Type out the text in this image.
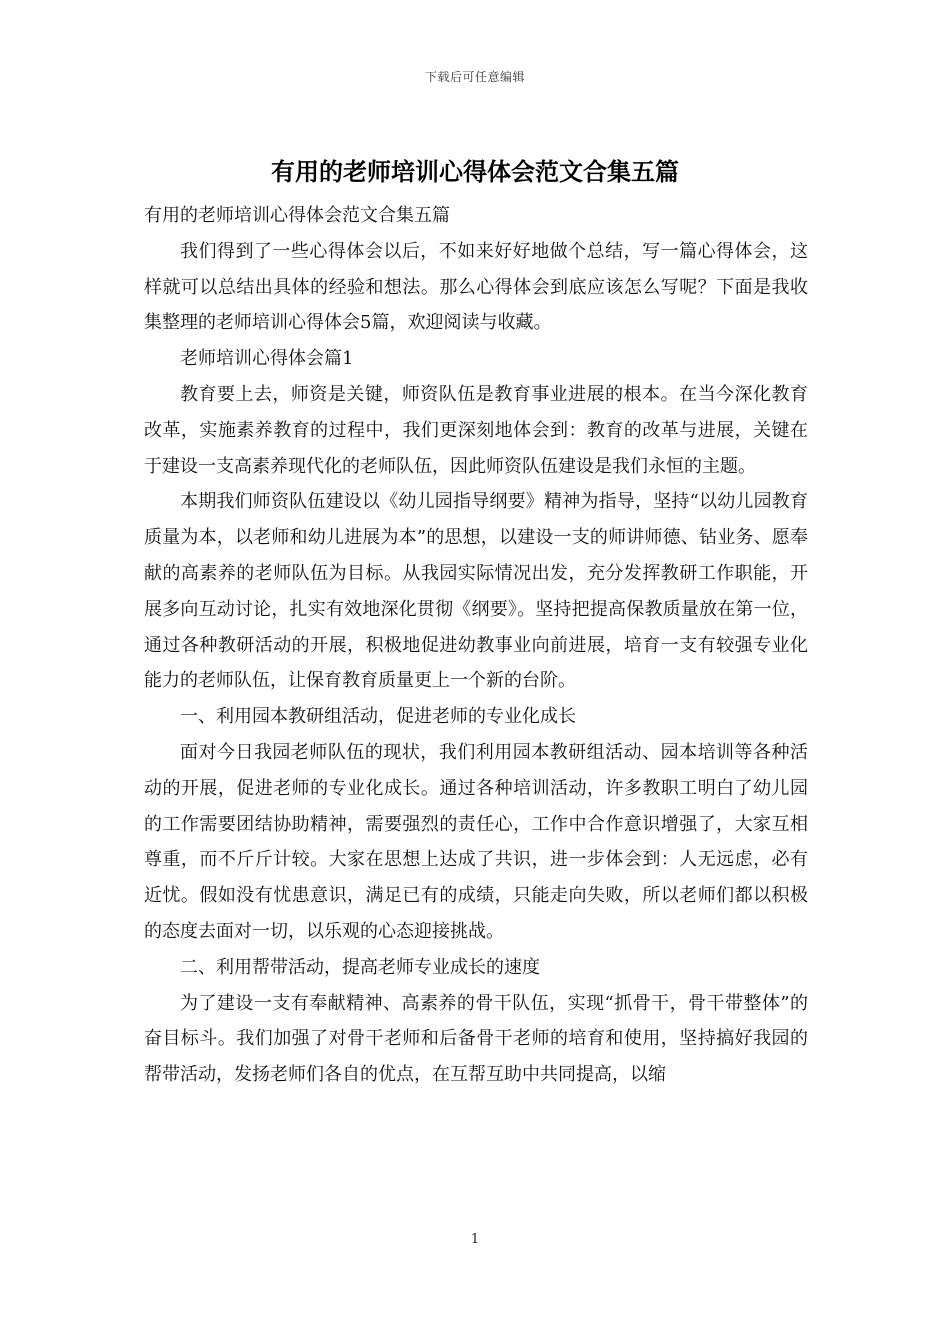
下载后可任意编辑
有用的老师培训心得体会范文合集五篇

有用的老师培训心得体会范文合集五篇

我们得到了一些心得体会以后，不如来好好地做个总结，写一篇心得体会，这样就可以总结出具体的经验和想法。那么心得体会到底应该怎么写呢？下面是我收集整理的老师培训心得体会5篇，欢迎阅读与收藏。

老师培训心得体会篇1

教育要上去，师资是关键，师资队伍是教育事业进展的根本。在当今深化教育改革，实施素养教育的过程中，我们更深刻地体会到：教育的改革与进展，关键在于建设一支高素养现代化的老师队伍，因此师资队伍建设是我们永恒的主题。

本期我们师资队伍建设以《幼儿园指导纲要》精神为指导，坚持“以幼儿园教育质量为本，以老师和幼儿进展为本”的思想，以建设一支的师讲师德、钻业务、愿奉献的高素养的老师队伍为目标。从我园实际情况出发，充分发挥教研工作职能，开展多向互动讨论，扎实有效地深化贯彻《纲要》。坚持把提高保教质量放在第一位，通过各种教研活动的开展，积极地促进幼教事业向前进展，培育一支有较强专业化能力的老师队伍，让保育教育质量更上一个新的台阶。

一、利用园本教研组活动，促进老师的专业化成长

面对今日我园老师队伍的现状，我们利用园本教研组活动、园本培训等各种活动的开展，促进老师的专业化成长。通过各种培训活动，许多教职工明白了幼儿园的工作需要团结协助精神，需要强烈的责任心，工作中合作意识增强了，大家互相尊重，而不斤斤计较。大家在思想上达成了共识，进一步体会到：人无远虑，必有近忧。假如没有忧患意识，满足已有的成绩，只能走向失败，所以老师们都以积极的态度去面对一切，以乐观的心态迎接挑战。

二、利用帮带活动，提高老师专业成长的速度

为了建设一支有奉献精神、高素养的骨干队伍，实现“抓骨干，骨干带整体”的奋目标斗。我们加强了对骨干老师和后备骨干老师的培育和使用，坚持搞好我园的帮带活动，发扬老师们各自的优点，在互帮互助中共同提高，以缩

1
